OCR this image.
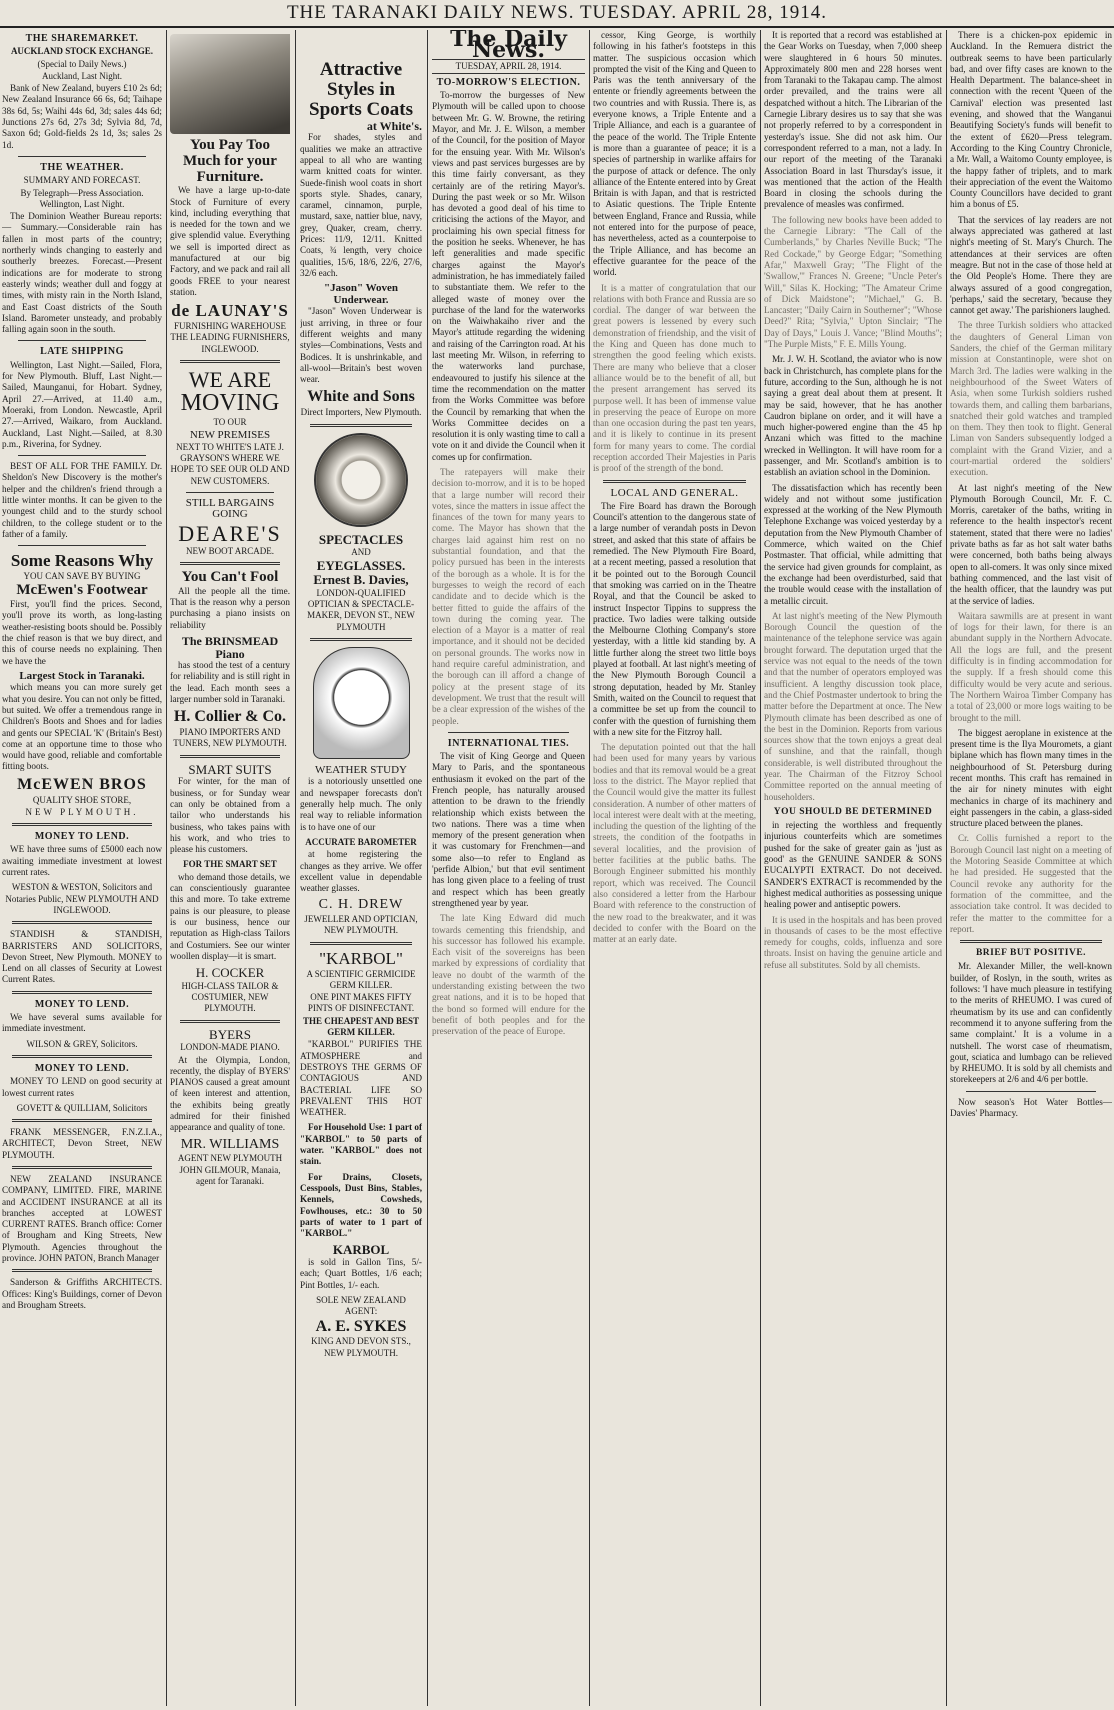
THE TARANAKI DAILY NEWS. TUESDAY. APRIL 28, 1914.
THE SHAREMARKET.
AUCKLAND STOCK EXCHANGE.
(Special to Daily News.)
Auckland, Last Night.

Bank of New Zealand, buyers £10 2s 6d; New Zealand Insurance 66 6s, 6d; Taihape 38s 6d, 5s; Waihi 44s 6d, 3d; sales 44s 6d; Junctions 27s 6d, 27s 3d; Sylvia 8d, 7d, Saxon 6d; Gold-fields 2s 1d, 3s; sales 2s 1d.

THE WEATHER.
SUMMARY AND FORECAST.
By Telegraph—Press Association. Wellington, Last Night.

The Dominion Weather Bureau reports:— Summary.—Considerable rain has fallen in most parts of the country; northerly winds changing to easterly and southerly breezes. Forecast.—Present indications are for moderate to strong easterly winds; weather dull and foggy at times, with misty rain in the North Island, and East Coast districts of the South Island. Barometer unsteady, and probably falling again soon in the south.

LATE SHIPPING

Wellington, Last Night.—Sailed, Flora, for New Plymouth. Bluff, Last Night.—Sailed, Maunganui, for Hobart. Sydney, April 27.—Arrived, at 11.40 a.m., Moeraki, from London. Newcastle, April 27.—Arrived, Waikaro, from Auckland. Auckland, Last Night.—Sailed, at 8.30 p.m., Riverina, for Sydney.

BEST OF ALL FOR THE FAMILY. Dr. Sheldon's New Discovery is the mother's helper and the children's friend through a little winter months. It can be given to the youngest child and to the sturdy school children, to the college student or to the father of a family.

Some Reasons Why
YOU CAN SAVE BY BUYING
McEwen's Footwear

First, you'll find the prices. Second, you'll prove its worth, as long-lasting weather-resisting boots should be. Possibly the chief reason is that we buy direct, and this of course needs no explaining. Then we have the

Largest Stock in Taranaki.

which means you can more surely get what you desire. You can not only be fitted, but suited. We offer a tremendous range in Children's Boots and Shoes and for ladies and gents our SPECIAL 'K' (Britain's Best) come at an opportune time to those who would have good, reliable and comfortable fitting boots.

McEWEN BROS
QUALITY SHOE STORE,
NEW PLYMOUTH.
MONEY TO LEND.

WE have three sums of £5000 each now awaiting immediate investment at lowest current rates.

WESTON & WESTON, Solicitors and Notaries Public, NEW PLYMOUTH AND INGLEWOOD.

STANDISH & STANDISH, BARRISTERS AND SOLICITORS, Devon Street, New Plymouth. MONEY to Lend on all classes of Security at Lowest Current Rates.

MONEY TO LEND.

We have several sums available for immediate investment.

WILSON & GREY, Solicitors.
MONEY TO LEND.

MONEY TO LEND on good security at lowest current rates

GOVETT & QUILLIAM, Solicitors

FRANK MESSENGER, F.N.Z.I.A., ARCHITECT, Devon Street, NEW PLYMOUTH.

NEW ZEALAND INSURANCE COMPANY, LIMITED. FIRE, MARINE and ACCIDENT INSURANCE at all its branches accepted at LOWEST CURRENT RATES. Branch office: Corner of Brougham and King Streets, New Plymouth. Agencies throughout the province. JOHN PATON, Branch Manager

Sanderson & Griffiths ARCHITECTS. Offices: King's Buildings, corner of Devon and Brougham Streets.

You Pay Too Much for your Furniture.

We have a large up-to-date Stock of Furniture of every kind, including everything that is needed for the town and we give splendid value. Everything we sell is imported direct as manufactured at our big Factory, and we pack and rail all goods FREE to your nearest station.

de LAUNAY'S
FURNISHING WAREHOUSE THE LEADING FURNISHERS, INGLEWOOD.
WE ARE
MOVING
TO OUR
NEW PREMISES
NEXT TO WHITE'S LATE J. GRAYSON'S WHERE WE HOPE TO SEE OUR OLD AND NEW CUSTOMERS.
STILL BARGAINS GOING
DEARE'S
NEW BOOT ARCADE.
You Can't Fool

All the people all the time. That is the reason why a person purchasing a piano insists on reliability

The BRINSMEAD Piano

has stood the test of a century for reliability and is still right in the lead. Each month sees a larger number sold in Taranaki.

H. Collier & Co.
PIANO IMPORTERS AND TUNERS, NEW PLYMOUTH.
SMART SUITS

For winter, for the man of business, or for Sunday wear can only be obtained from a tailor who understands his business, who takes pains with his work, and who tries to please his customers.

FOR THE SMART SET

who demand those details, we can conscientiously guarantee this and more. To take extreme pains is our pleasure, to please is our business, hence our reputation as High-class Tailors and Costumiers. See our winter woollen display—it is smart.

H. COCKER
HIGH-CLASS TAILOR & COSTUMIER, NEW PLYMOUTH.
BYERS
LONDON-MADE PIANO.

At the Olympia, London, recently, the display of BYERS' PIANOS caused a great amount of keen interest and attention, the exhibits being greatly admired for their finished appearance and quality of tone.

MR. WILLIAMS
AGENT NEW PLYMOUTH JOHN GILMOUR, Manaia, agent for Taranaki.
Attractive Styles in Sports Coats
at White's.

For shades, styles and qualities we make an attractive appeal to all who are wanting warm knitted coats for winter. Suede-finish wool coats in short sports style. Shades, canary, caramel, cinnamon, purple, mustard, saxe, nattier blue, navy, grey, Quaker, cream, cherry. Prices: 11/9, 12/11. Knitted Coats, ¾ length, very choice qualities, 15/6, 18/6, 22/6, 27/6, 32/6 each.

"Jason" Woven Underwear.

"Jason" Woven Underwear is just arriving, in three or four different weights and many styles—Combinations, Vests and Bodices. It is unshrinkable, and all-wool—Britain's best woven wear.

White and Sons
Direct Importers, New Plymouth.
SPECTACLES
AND
EYEGLASSES.
Ernest B. Davies,
LONDON-QUALIFIED OPTICIAN & SPECTACLE-MAKER, DEVON ST., NEW PLYMOUTH
WEATHER STUDY

is a notoriously unsettled one and newspaper forecasts don't generally help much. The only real way to reliable information is to have one of our

ACCURATE BAROMETER

at home registering the changes as they arrive. We offer excellent value in dependable weather glasses.

C. H. DREW
JEWELLER AND OPTICIAN, NEW PLYMOUTH.
"KARBOL"
A SCIENTIFIC GERMICIDE GERM KILLER.
ONE PINT MAKES FIFTY PINTS OF DISINFECTANT.
THE CHEAPEST AND BEST GERM KILLER.

"KARBOL" PURIFIES THE ATMOSPHERE and DESTROYS THE GERMS OF CONTAGIOUS AND BACTERIAL LIFE SO PREVALENT THIS HOT WEATHER.

For Household Use: 1 part of "KARBOL" to 50 parts of water. "KARBOL" does not stain.

For Drains, Closets, Cesspools, Dust Bins, Stables, Kennels, Cowsheds, Fowlhouses, etc.: 30 to 50 parts of water to 1 part of "KARBOL."

KARBOL

is sold in Gallon Tins, 5/- each; Quart Bottles, 1/6 each; Pint Bottles, 1/- each.

SOLE NEW ZEALAND AGENT:
A. E. SYKES
KING AND DEVON STS., NEW PLYMOUTH.
The Daily News.
TUESDAY, APRIL 28, 1914.
TO-MORROW'S ELECTION.

To-morrow the burgesses of New Plymouth will be called upon to choose between Mr. G. W. Browne, the retiring Mayor, and Mr. J. E. Wilson, a member of the Council, for the position of Mayor for the ensuing year. With Mr. Wilson's views and past services burgesses are by this time fairly conversant, as they certainly are of the retiring Mayor's. During the past week or so Mr. Wilson has devoted a good deal of his time to criticising the actions of the Mayor, and proclaiming his own special fitness for the position he seeks. Whenever, he has left generalities and made specific charges against the Mayor's administration, he has immediately failed to substantiate them. We refer to the alleged waste of money over the purchase of the land for the waterworks on the Waiwhakaiho river and the Mayor's attitude regarding the widening and raising of the Carrington road. At his last meeting Mr. Wilson, in referring to the waterworks land purchase, endeavoured to justify his silence at the time the recommendation on the matter from the Works Committee was before the Council by remarking that when the Works Committee decides on a resolution it is only wasting time to call a vote on it and divide the Council when it comes up for confirmation.

The ratepayers will make their decision to-morrow, and it is to be hoped that a large number will record their votes, since the matters in issue affect the finances of the town for many years to come. The Mayor has shown that the charges laid against him rest on no substantial foundation, and that the policy pursued has been in the interests of the borough as a whole. It is for the burgesses to weigh the record of each candidate and to decide which is the better fitted to guide the affairs of the town during the coming year. The election of a Mayor is a matter of real importance, and it should not be decided on personal grounds. The works now in hand require careful administration, and the borough can ill afford a change of policy at the present stage of its development. We trust that the result will be a clear expression of the wishes of the people.

INTERNATIONAL TIES.

The visit of King George and Queen Mary to Paris, and the spontaneous enthusiasm it evoked on the part of the French people, has naturally aroused attention to be drawn to the friendly relationship which exists between the two nations. There was a time when memory of the present generation when it was customary for Frenchmen—and some also—to refer to England as 'perfide Albion,' but that evil sentiment has long given place to a feeling of trust and respect which has been greatly strengthened year by year.

The late King Edward did much towards cementing this friendship, and his successor has followed his example. Each visit of the sovereigns has been marked by expressions of cordiality that leave no doubt of the warmth of the understanding existing between the two great nations, and it is to be hoped that the bond so formed will endure for the benefit of both peoples and for the preservation of the peace of Europe.

cessor, King George, is worthily following in his father's footsteps in this matter. The suspicious occasion which prompted the visit of the King and Queen to Paris was the tenth anniversary of the entente or friendly agreements between the two countries and with Russia. There is, as everyone knows, a Triple Entente and a Triple Alliance, and each is a guarantee of the peace of the world. The Triple Entente is more than a guarantee of peace; it is a species of partnership in warlike affairs for the purpose of attack or defence. The only alliance of the Entente entered into by Great Britain is with Japan, and that is restricted to Asiatic questions. The Triple Entente between England, France and Russia, while not entered into for the purpose of peace, has nevertheless, acted as a counterpoise to the Triple Alliance, and has become an effective guarantee for the peace of the world.

It is a matter of congratulation that our relations with both France and Russia are so cordial. The danger of war between the great powers is lessened by every such demonstration of friendship, and the visit of the King and Queen has done much to strengthen the good feeling which exists. There are many who believe that a closer alliance would be to the benefit of all, but the present arrangement has served its purpose well. It has been of immense value in preserving the peace of Europe on more than one occasion during the past ten years, and it is likely to continue in its present form for many years to come. The cordial reception accorded Their Majesties in Paris is proof of the strength of the bond.

LOCAL AND GENERAL.

The Fire Board has drawn the Borough Council's attention to the dangerous state of a large number of verandah posts in Devon street, and asked that this state of affairs be remedied. The New Plymouth Fire Board, at a recent meeting, passed a resolution that it be pointed out to the Borough Council that smoking was carried on in the Theatre Royal, and that the Council be asked to instruct Inspector Tippins to suppress the practice. Two ladies were talking outside the Melbourne Clothing Company's store yesterday, with a little kid standing by. A little further along the street two little boys played at football. At last night's meeting of the New Plymouth Borough Council a strong deputation, headed by Mr. Stanley Smith, waited on the Council to request that a committee be set up from the council to confer with the question of furnishing them with a new site for the Fitzroy hall.

The deputation pointed out that the hall had been used for many years by various bodies and that its removal would be a great loss to the district. The Mayor replied that the Council would give the matter its fullest consideration. A number of other matters of local interest were dealt with at the meeting, including the question of the lighting of the streets, the condition of the footpaths in several localities, and the provision of better facilities at the public baths. The Borough Engineer submitted his monthly report, which was received. The Council also considered a letter from the Harbour Board with reference to the construction of the new road to the breakwater, and it was decided to confer with the Board on the matter at an early date.

It is reported that a record was established at the Gear Works on Tuesday, when 7,000 sheep were slaughtered in 6 hours 50 minutes. Approximately 800 men and 228 horses went from Taranaki to the Takapau camp. The almost order prevailed, and the trains were all despatched without a hitch. The Librarian of the Carnegie Library desires us to say that she was not properly referred to by a correspondent in yesterday's issue. She did not ask him. Our correspondent referred to a man, not a lady. In our report of the meeting of the Taranaki Association Board in last Thursday's issue, it was mentioned that the action of the Health Board in closing the schools during the prevalence of measles was confirmed.

The following new books have been added to the Carnegie Library: "The Call of the Cumberlands," by Charles Neville Buck; "The Red Cockade," by George Edgar; "Something Afar," Maxwell Gray; "The Flight of the 'Swallow,'" Frances N. Greene; "Uncle Peter's Will," Silas K. Hocking; "The Amateur Crime of Dick Maidstone"; "Michael," G. B. Lancaster; "Daily Cairn in Southerner"; "Whose Deed?" Rita; "Sylvia," Upton Sinclair; "The Day of Days," Louis J. Vance; "Blind Mouths"; "The Purple Mists," F. E. Mills Young.

Mr. J. W. H. Scotland, the aviator who is now back in Christchurch, has complete plans for the future, according to the Sun, although he is not saying a great deal about them at present. It may be said, however, that he has another Caudron biplane on order, and it will have a much higher-powered engine than the 45 hp Anzani which was fitted to the machine wrecked in Wellington. It will have room for a passenger, and Mr. Scotland's ambition is to establish an aviation school in the Dominion.

The dissatisfaction which has recently been widely and not without some justification expressed at the working of the New Plymouth Telephone Exchange was voiced yesterday by a deputation from the New Plymouth Chamber of Commerce, which waited on the Chief Postmaster. That official, while admitting that the service had given grounds for complaint, as the exchange had been overdisturbed, said that the trouble would cease with the installation of a metallic circuit.

At last night's meeting of the New Plymouth Borough Council the question of the maintenance of the telephone service was again brought forward. The deputation urged that the service was not equal to the needs of the town and that the number of operators employed was insufficient. A lengthy discussion took place, and the Chief Postmaster undertook to bring the matter before the Department at once. The New Plymouth climate has been described as one of the best in the Dominion. Reports from various sources show that the town enjoys a great deal of sunshine, and that the rainfall, though considerable, is well distributed throughout the year. The Chairman of the Fitzroy School Committee reported on the annual meeting of householders.

YOU SHOULD BE DETERMINED

in rejecting the worthless and frequently injurious counterfeits which are sometimes pushed for the sake of greater gain as 'just as good' as the GENUINE SANDER & SONS EUCALYPTI EXTRACT. Do not deceived. SANDER'S EXTRACT is recommended by the highest medical authorities as possessing unique healing power and antiseptic powers.

It is used in the hospitals and has been proved in thousands of cases to be the most effective remedy for coughs, colds, influenza and sore throats. Insist on having the genuine article and refuse all substitutes. Sold by all chemists.

There is a chicken-pox epidemic in Auckland. In the Remuera district the outbreak seems to have been particularly bad, and over fifty cases are known to the Health Department. The balance-sheet in connection with the recent 'Queen of the Carnival' election was presented last evening, and showed that the Wanganui Beautifying Society's funds will benefit to the extent of £620—Press telegram. According to the King Country Chronicle, a Mr. Wall, a Waitomo County employee, is the happy father of triplets, and to mark their appreciation of the event the Waitomo County Councillors have decided to grant him a bonus of £5.

That the services of lay readers are not always appreciated was gathered at last night's meeting of St. Mary's Church. The attendances at their services are often meagre. But not in the case of those held at the Old People's Home. There they are always assured of a good congregation, 'perhaps,' said the secretary, 'because they cannot get away.' The parishioners laughed.

The three Turkish soldiers who attacked the daughters of General Liman von Sanders, the chief of the German military mission at Constantinople, were shot on March 3rd. The ladies were walking in the neighbourhood of the Sweet Waters of Asia, when some Turkish soldiers rushed towards them, and calling them barbarians, snatched their gold watches and trampled on them. They then took to flight. General Liman von Sanders subsequently lodged a complaint with the Grand Vizier, and a court-martial ordered the soldiers' execution.

At last night's meeting of the New Plymouth Borough Council, Mr. F. C. Morris, caretaker of the baths, writing in reference to the health inspector's recent statement, stated that there were no ladies' private baths as far as hot salt water baths were concerned, both baths being always open to all-comers. It was only since mixed bathing commenced, and the last visit of the health officer, that the laundry was put at the service of ladies.

Waitara sawmills are at present in want of logs for their lawn, for there is an abundant supply in the Northern Advocate. All the logs are full, and the present difficulty is in finding accommodation for the supply. If a fresh should come this difficulty would be very acute and serious. The Northern Wairoa Timber Company has a total of 23,000 or more logs waiting to be brought to the mill.

The biggest aeroplane in existence at the present time is the Ilya Mouromets, a giant biplane which has flown many times in the neighbourhood of St. Petersburg during recent months. This craft has remained in the air for ninety minutes with eight mechanics in charge of its machinery and eight passengers in the cabin, a glass-sided structure placed between the planes.

Cr. Collis furnished a report to the Borough Council last night on a meeting of the Motoring Seaside Committee at which he had presided. He suggested that the Council revoke any authority for the formation of the committee, and the association take control. It was decided to refer the matter to the committee for a report.

BRIEF BUT POSITIVE.

Mr. Alexander Miller, the well-known builder, of Roslyn, in the south, writes as follows: 'I have much pleasure in testifying to the merits of RHEUMO. I was cured of rheumatism by its use and can confidently recommend it to anyone suffering from the same complaint.' It is a volume in a nutshell. The worst case of rheumatism, gout, sciatica and lumbago can be relieved by RHEUMO. It is sold by all chemists and storekeepers at 2/6 and 4/6 per bottle.

Now season's Hot Water Bottles—Davies' Pharmacy.
